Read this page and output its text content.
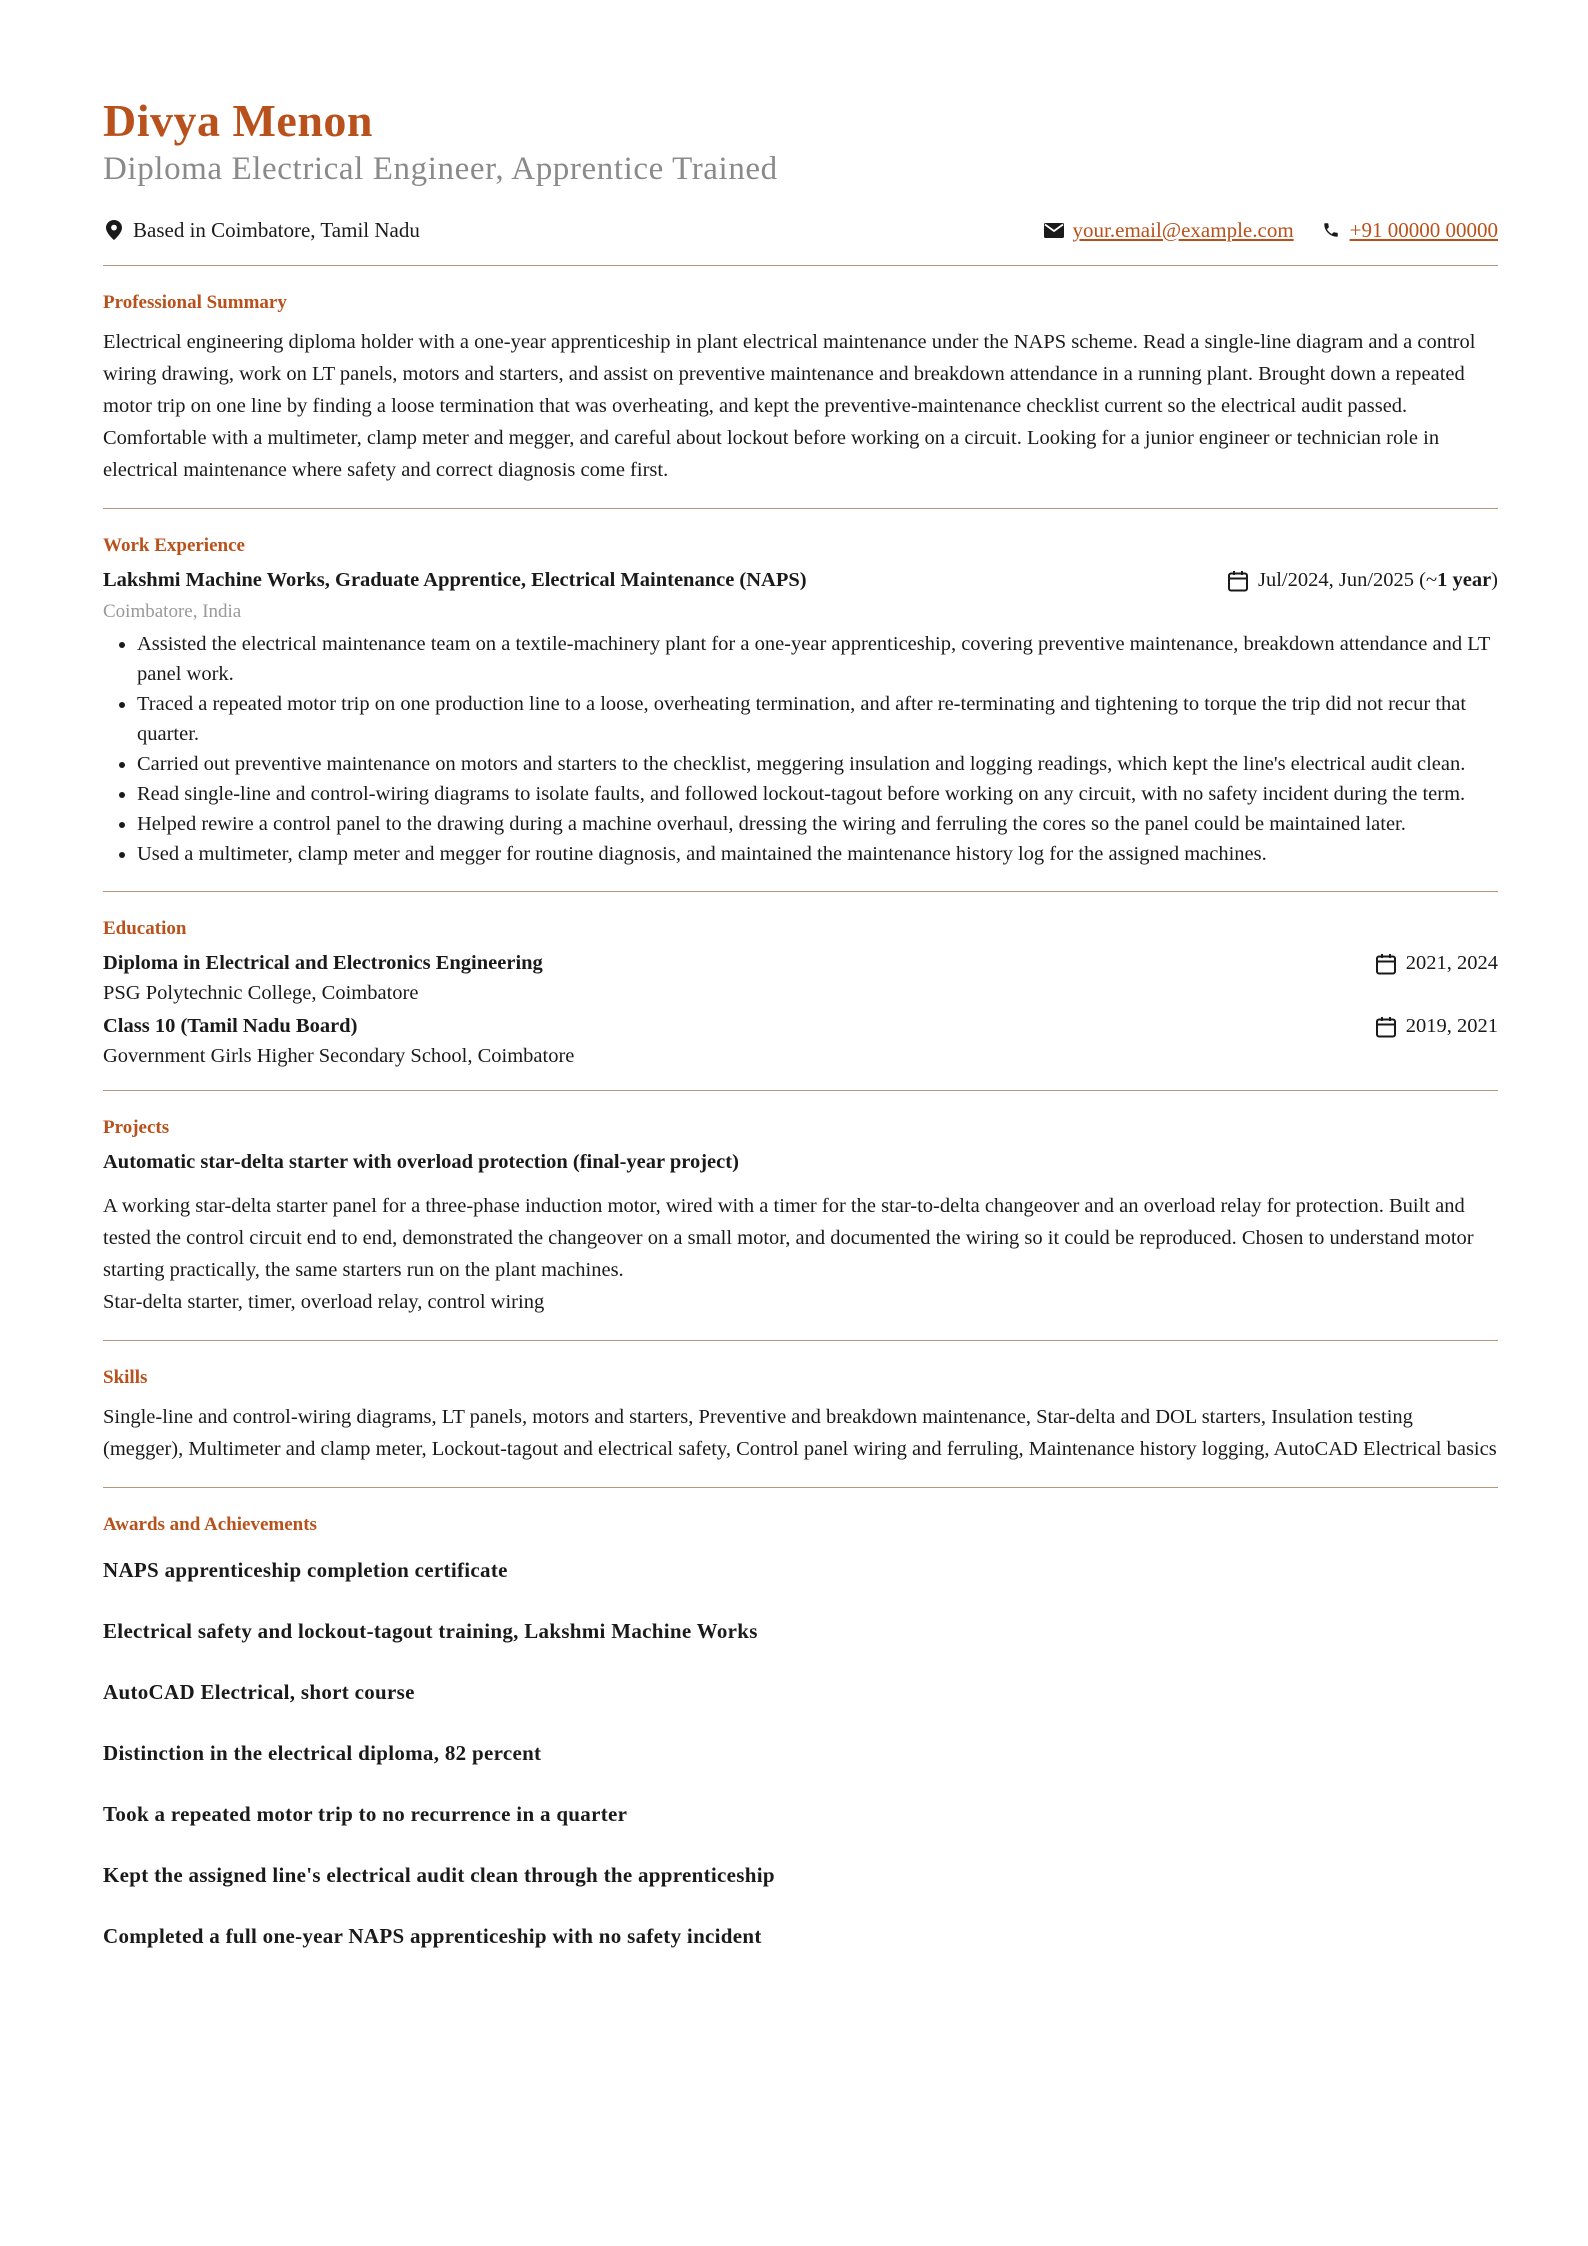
Divya Menon
Diploma Electrical Engineer, Apprentice Trained
Based in Coimbatore, Tamil Nadu	your.email@example.com	+91 00000 00000
Professional Summary

Electrical engineering diploma holder with a one-year apprenticeship in plant electrical maintenance under the NAPS scheme. Read a single-line diagram and a control wiring drawing, work on LT panels, motors and starters, and assist on preventive maintenance and breakdown attendance in a running plant. Brought down a repeated motor trip on one line by finding a loose termination that was overheating, and kept the preventive-maintenance checklist current so the electrical audit passed. Comfortable with a multimeter, clamp meter and megger, and careful about lockout before working on a circuit. Looking for a junior engineer or technician role in electrical maintenance where safety and correct diagnosis come first.

Work Experience
Lakshmi Machine Works, Graduate Apprentice, Electrical Maintenance (NAPS)	Jul/2024, Jun/2025 (~ 1 year )
Coimbatore, India
• Assisted the electrical maintenance team on a textile-machinery plant for a one-year apprenticeship, covering preventive maintenance, breakdown attendance and LT panel work.
• Traced a repeated motor trip on one production line to a loose, overheating termination, and after re-terminating and tightening to torque the trip did not recur that quarter.
• Carried out preventive maintenance on motors and starters to the checklist, meggering insulation and logging readings, which kept the line's electrical audit clean.
• Read single-line and control-wiring diagrams to isolate faults, and followed lockout-tagout before working on any circuit, with no safety incident during the term.
• Helped rewire a control panel to the drawing during a machine overhaul, dressing the wiring and ferruling the cores so the panel could be maintained later.
• Used a multimeter, clamp meter and megger for routine diagnosis, and maintained the maintenance history log for the assigned machines.
Education
Diploma in Electrical and Electronics Engineering	2021, 2024
PSG Polytechnic College, Coimbatore
Class 10 (Tamil Nadu Board)	2019, 2021
Government Girls Higher Secondary School, Coimbatore
Projects
Automatic star-delta starter with overload protection (final-year project)

A working star-delta starter panel for a three-phase induction motor, wired with a timer for the star-to-delta changeover and an overload relay for protection. Built and tested the control circuit end to end, demonstrated the changeover on a small motor, and documented the wiring so it could be reproduced. Chosen to understand motor starting practically, the same starters run on the plant machines.

Star-delta starter, timer, overload relay, control wiring

Skills

Single-line and control-wiring diagrams, LT panels, motors and starters, Preventive and breakdown maintenance, Star-delta and DOL starters, Insulation testing (megger), Multimeter and clamp meter, Lockout-tagout and electrical safety, Control panel wiring and ferruling, Maintenance history logging, AutoCAD Electrical basics

Awards and Achievements
NAPS apprenticeship completion certificate
Electrical safety and lockout-tagout training, Lakshmi Machine Works
AutoCAD Electrical, short course
Distinction in the electrical diploma, 82 percent
Took a repeated motor trip to no recurrence in a quarter
Kept the assigned line's electrical audit clean through the apprenticeship
Completed a full one-year NAPS apprenticeship with no safety incident
